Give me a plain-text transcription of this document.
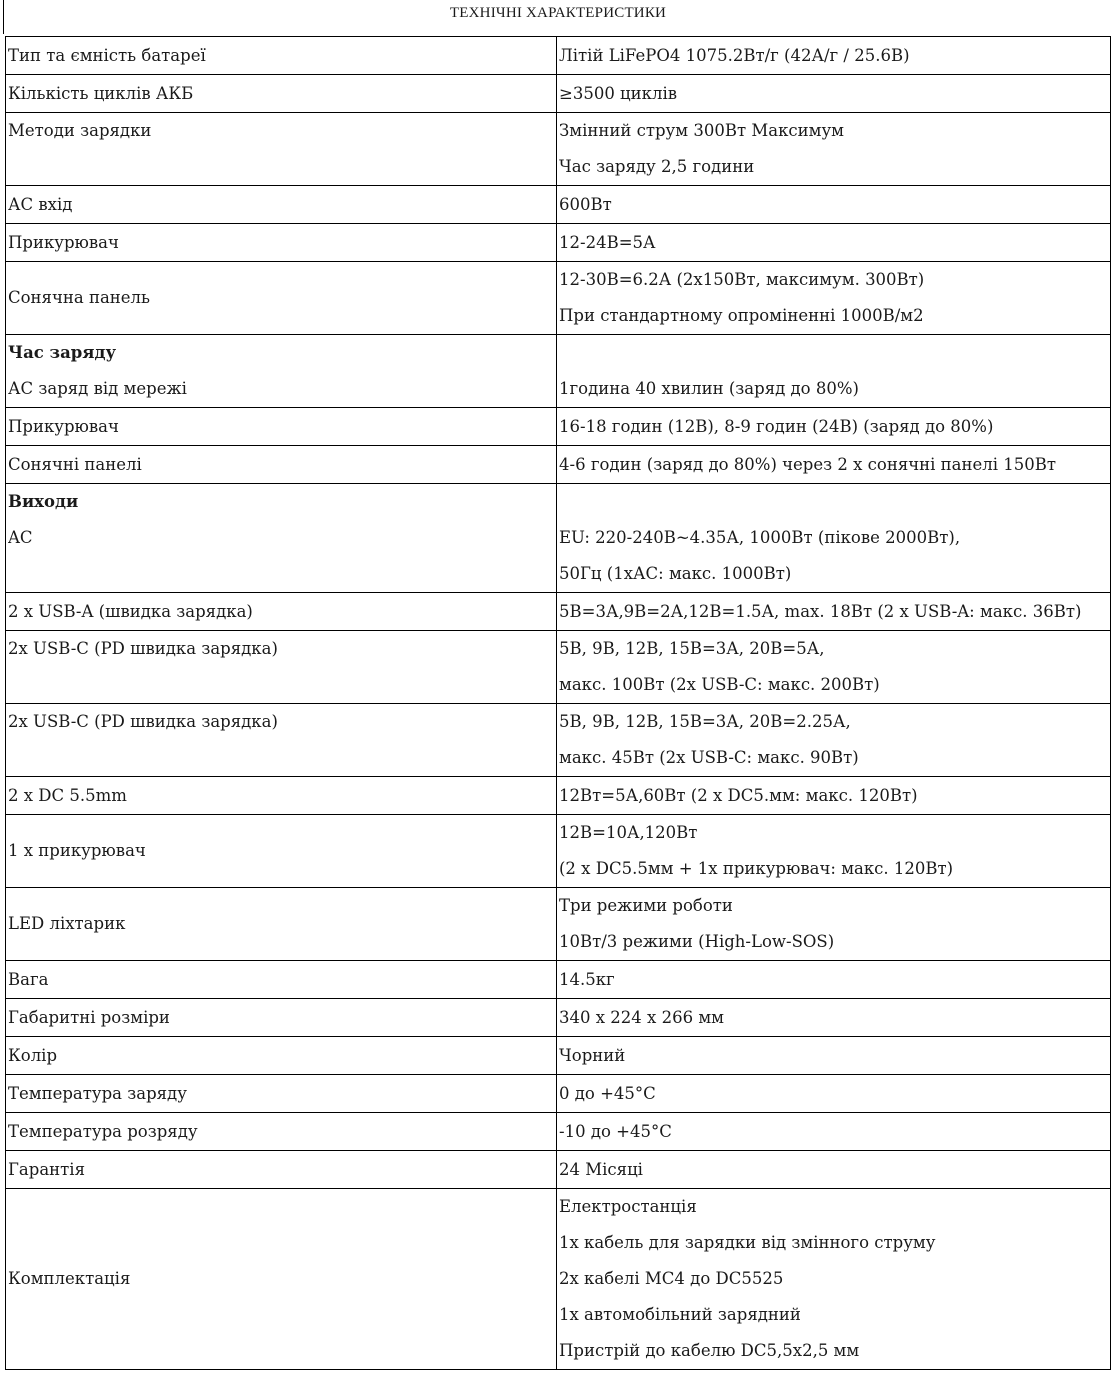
ТЕХНІЧНІ ХАРАКТЕРИСТИКИ
Тип та ємність батареї	Літій LiFePO4 1075.2Вт/г (42А/г / 25.6В)

Кількість циклів АКБ	≥3500 циклів

Методи зарядки	Змінний струм 300Вт Максимум
Час заряду 2,5 години

АС вхід	600Вт

Прикурювач	12-24В=5А

Сонячна панель	12-30В=6.2А (2х150Вт, максимум. 300Вт)
При стандартному опроміненні 1000В/м2

Час заряду
АС заряд від мережі	1година 40 хвилин (заряд до 80%)

Прикурювач	16-18 годин (12В), 8-9 годин (24В) (заряд до 80%)

Сонячні панелі	4-6 годин (заряд до 80%) через 2 х сонячні панелі 150Вт

Виходи
AC	EU: 220-240В~4.35А, 1000Вт (пікове 2000Вт),
50Гц (1хАС: макс. 1000Вт)

2 x USB-A (швидка зарядка)	5В=3А,9В=2А,12В=1.5А, max. 18Вт (2 x USB-A: макс. 36Вт)

2x USB-C (PD швидка зарядка)	5В, 9В, 12В, 15В=3А, 20В=5А,
макс. 100Вт (2x USB-C: макс. 200Вт)

2x USB-C (PD швидка зарядка)	5В, 9В, 12В, 15В=3А, 20В=2.25А,
макс. 45Вт (2x USB-C: макс. 90Вт)

2 x DC 5.5mm	12Вт=5А,60Вт (2 х DC5.мм: макс. 120Вт)

1 х прикурювач	12В=10А,120Вт
(2 х DC5.5мм + 1х прикурювач: макс. 120Вт)

LED ліхтарик	Три режими роботи
10Вт/3 режими (High-Low-SOS)

Вага	14.5кг

Габаритні розміри	340 х 224 х 266 мм

Колір	Чорний

Температура заряду	0 до +45°C

Температура розряду	-10 до +45°C

Гарантія	24 Місяці

Комплектація	Електростанція
1х кабель для зарядки від змінного струму
2х кабелі MC4 до DC5525
1х автомобільний зарядний
Пристрій до кабелю DC5,5x2,5 мм
